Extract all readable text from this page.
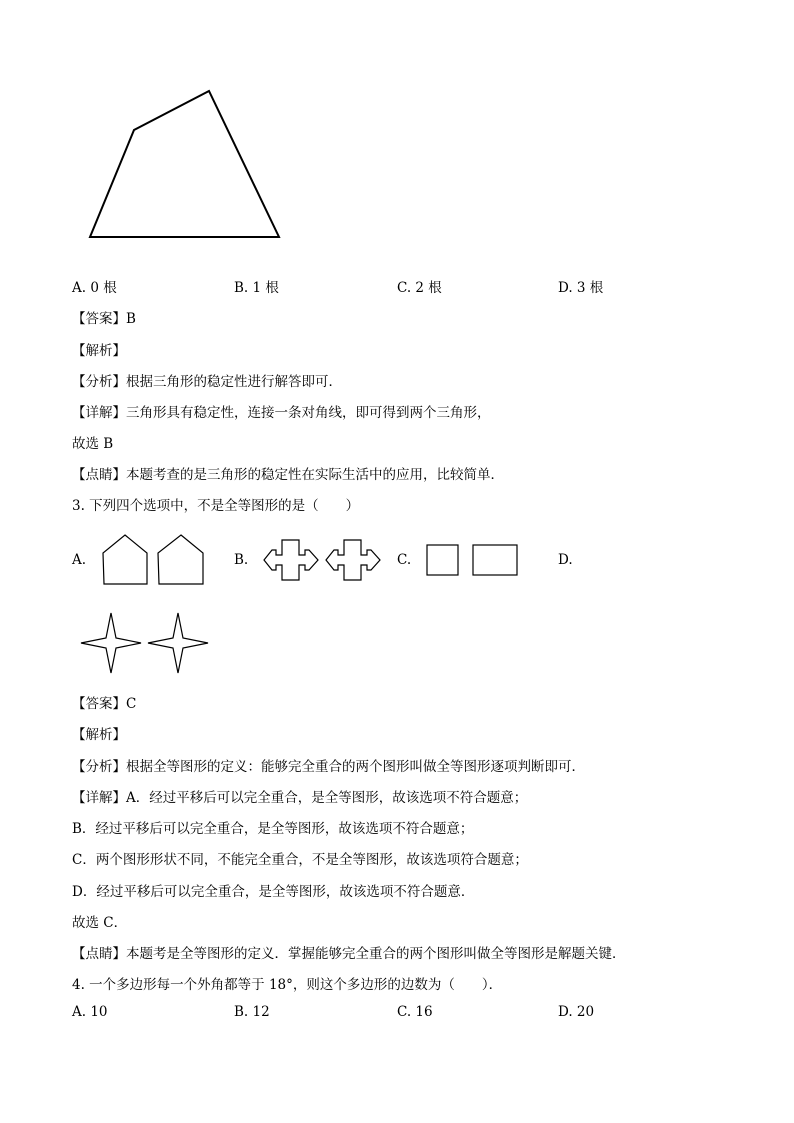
A. 0 根	B. 1 根	C. 2 根	D. 3 根
【答案】B
【解析】
【分析】根据三角形的稳定性进行解答即可．
【详解】三角形具有稳定性，连接一条对角线，即可得到两个三角形，
故选 B
【点睛】本题考查的是三角形的稳定性在实际生活中的应用，比较简单．
3. 下列四个选项中，不是全等图形的是（　　）
A.	B.	C.	D.
【答案】C
【解析】
【分析】根据全等图形的定义：能够完全重合的两个图形叫做全等图形逐项判断即可．
【详解】A．经过平移后可以完全重合，是全等图形，故该选项不符合题意；
B．经过平移后可以完全重合，是全等图形，故该选项不符合题意；
C．两个图形形状不同，不能完全重合，不是全等图形，故该选项符合题意；
D．经过平移后可以完全重合，是全等图形，故该选项不符合题意．
故选 C．
【点睛】本题考是全等图形的定义．掌握能够完全重合的两个图形叫做全等图形是解题关键．
4. 一个多边形每一个外角都等于 18°，则这个多边形的边数为（　　）．
A. 10	B. 12	C. 16	D. 20
